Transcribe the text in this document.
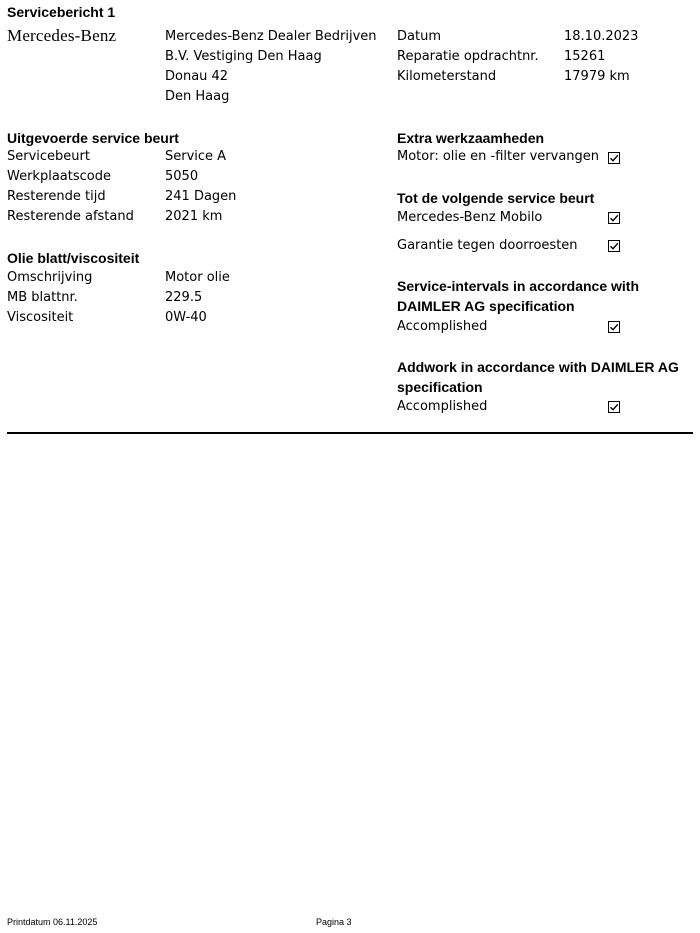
Servicebericht 1
Mercedes-Benz	Mercedes-Benz Dealer Bedrijven
B.V. Vestiging Den Haag
Donau 42
Den Haag
Datum	18.10.2023
Reparatie opdrachtnr. 15261
Kilometerstand	17979 km
Uitgevoerde service beurt
Servicebeurt	Service A
Werkplaatscode	5050
Resterende tijd	241 Dagen
Resterende afstand 2021 km
Olie blatt/viscositeit
Omschrijving	Motor olie
MB blattnr.	229.5
Viscositeit	0W-40
Extra werkzaamheden
Motor: olie en -filter vervangen
Tot de volgende service beurt
Mercedes-Benz Mobilo
Garantie tegen doorroesten
Service-intervals in accordance with
DAIMLER AG specification
Accomplished
Addwork in accordance with DAIMLER AG
specification
Accomplished
Printdatum 06.11.2025	Pagina 3
